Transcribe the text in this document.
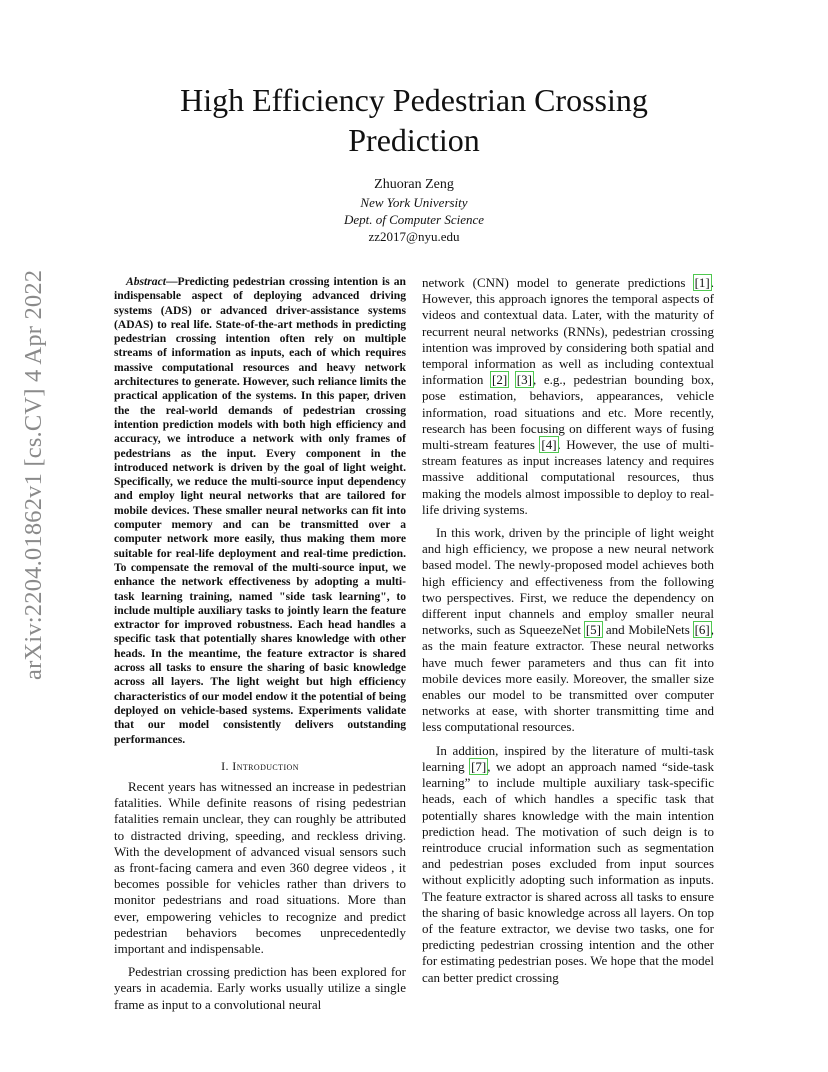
arXiv:2204.01862v1 [cs.CV] 4 Apr 2022
High Efficiency Pedestrian Crossing Prediction
Zhuoran Zeng
New York University
Dept. of Computer Science
zz2017@nyu.edu

Abstract—Predicting pedestrian crossing intention is an indispensable aspect of deploying advanced driving systems (ADS) or advanced driver-assistance systems (ADAS) to real life. State-of-the-art methods in predicting pedestrian crossing intention often rely on multiple streams of information as inputs, each of which requires massive computational resources and heavy network architectures to generate. However, such reliance limits the practical application of the systems. In this paper, driven the the real-world demands of pedestrian crossing intention prediction models with both high efficiency and accuracy, we introduce a network with only frames of pedestrians as the input. Every component in the introduced network is driven by the goal of light weight. Specifically, we reduce the multi-source input dependency and employ light neural networks that are tailored for mobile devices. These smaller neural networks can fit into computer memory and can be transmitted over a computer network more easily, thus making them more suitable for real-life deployment and real-time prediction. To compensate the removal of the multi-source input, we enhance the network effectiveness by adopting a multi-task learning training, named "side task learning", to include multiple auxiliary tasks to jointly learn the feature extractor for improved robustness. Each head handles a specific task that potentially shares knowledge with other heads. In the meantime, the feature extractor is shared across all tasks to ensure the sharing of basic knowledge across all layers. The light weight but high efficiency characteristics of our model endow it the potential of being deployed on vehicle-based systems. Experiments validate that our model consistently delivers outstanding performances.

I. Introduction

Recent years has witnessed an increase in pedestrian fatalities. While definite reasons of rising pedestrian fatalities remain unclear, they can roughly be attributed to distracted driving, speeding, and reckless driving. With the development of advanced visual sensors such as front-facing camera and even 360 degree videos , it becomes possible for vehicles rather than drivers to monitor pedestrians and road situations. More than ever, empowering vehicles to recognize and predict pedestrian behaviors becomes unprecedentedly important and indispensable.

Pedestrian crossing prediction has been explored for years in academia. Early works usually utilize a single frame as input to a convolutional neural

network (CNN) model to generate predictions [1]. However, this approach ignores the temporal aspects of videos and contextual data. Later, with the maturity of recurrent neural networks (RNNs), pedestrian crossing intention was improved by considering both spatial and temporal information as well as including contextual information [2] [3], e.g., pedestrian bounding box, pose estimation, behaviors, appearances, vehicle information, road situations and etc. More recently, research has been focusing on different ways of fusing multi-stream features [4]. However, the use of multi-stream features as input increases latency and requires massive additional computational resources, thus making the models almost impossible to deploy to real-life driving systems.

In this work, driven by the principle of light weight and high efficiency, we propose a new neural network based model. The newly-proposed model achieves both high efficiency and effectiveness from the following two perspectives. First, we reduce the dependency on different input channels and employ smaller neural networks, such as SqueezeNet [5] and MobileNets [6], as the main feature extractor. These neural networks have much fewer parameters and thus can fit into mobile devices more easily. Moreover, the smaller size enables our model to be transmitted over computer networks at ease, with shorter transmitting time and less computational resources.

In addition, inspired by the literature of multi-task learning [7], we adopt an approach named “side-task learning” to include multiple auxiliary task-specific heads, each of which handles a specific task that potentially shares knowledge with the main intention prediction head. The motivation of such deign is to reintroduce crucial information such as segmentation and pedestrian poses excluded from input sources without explicitly adopting such information as inputs. The feature extractor is shared across all tasks to ensure the sharing of basic knowledge across all layers. On top of the feature extractor, we devise two tasks, one for predicting pedestrian crossing intention and the other for estimating pedestrian poses. We hope that the model can better predict crossing
